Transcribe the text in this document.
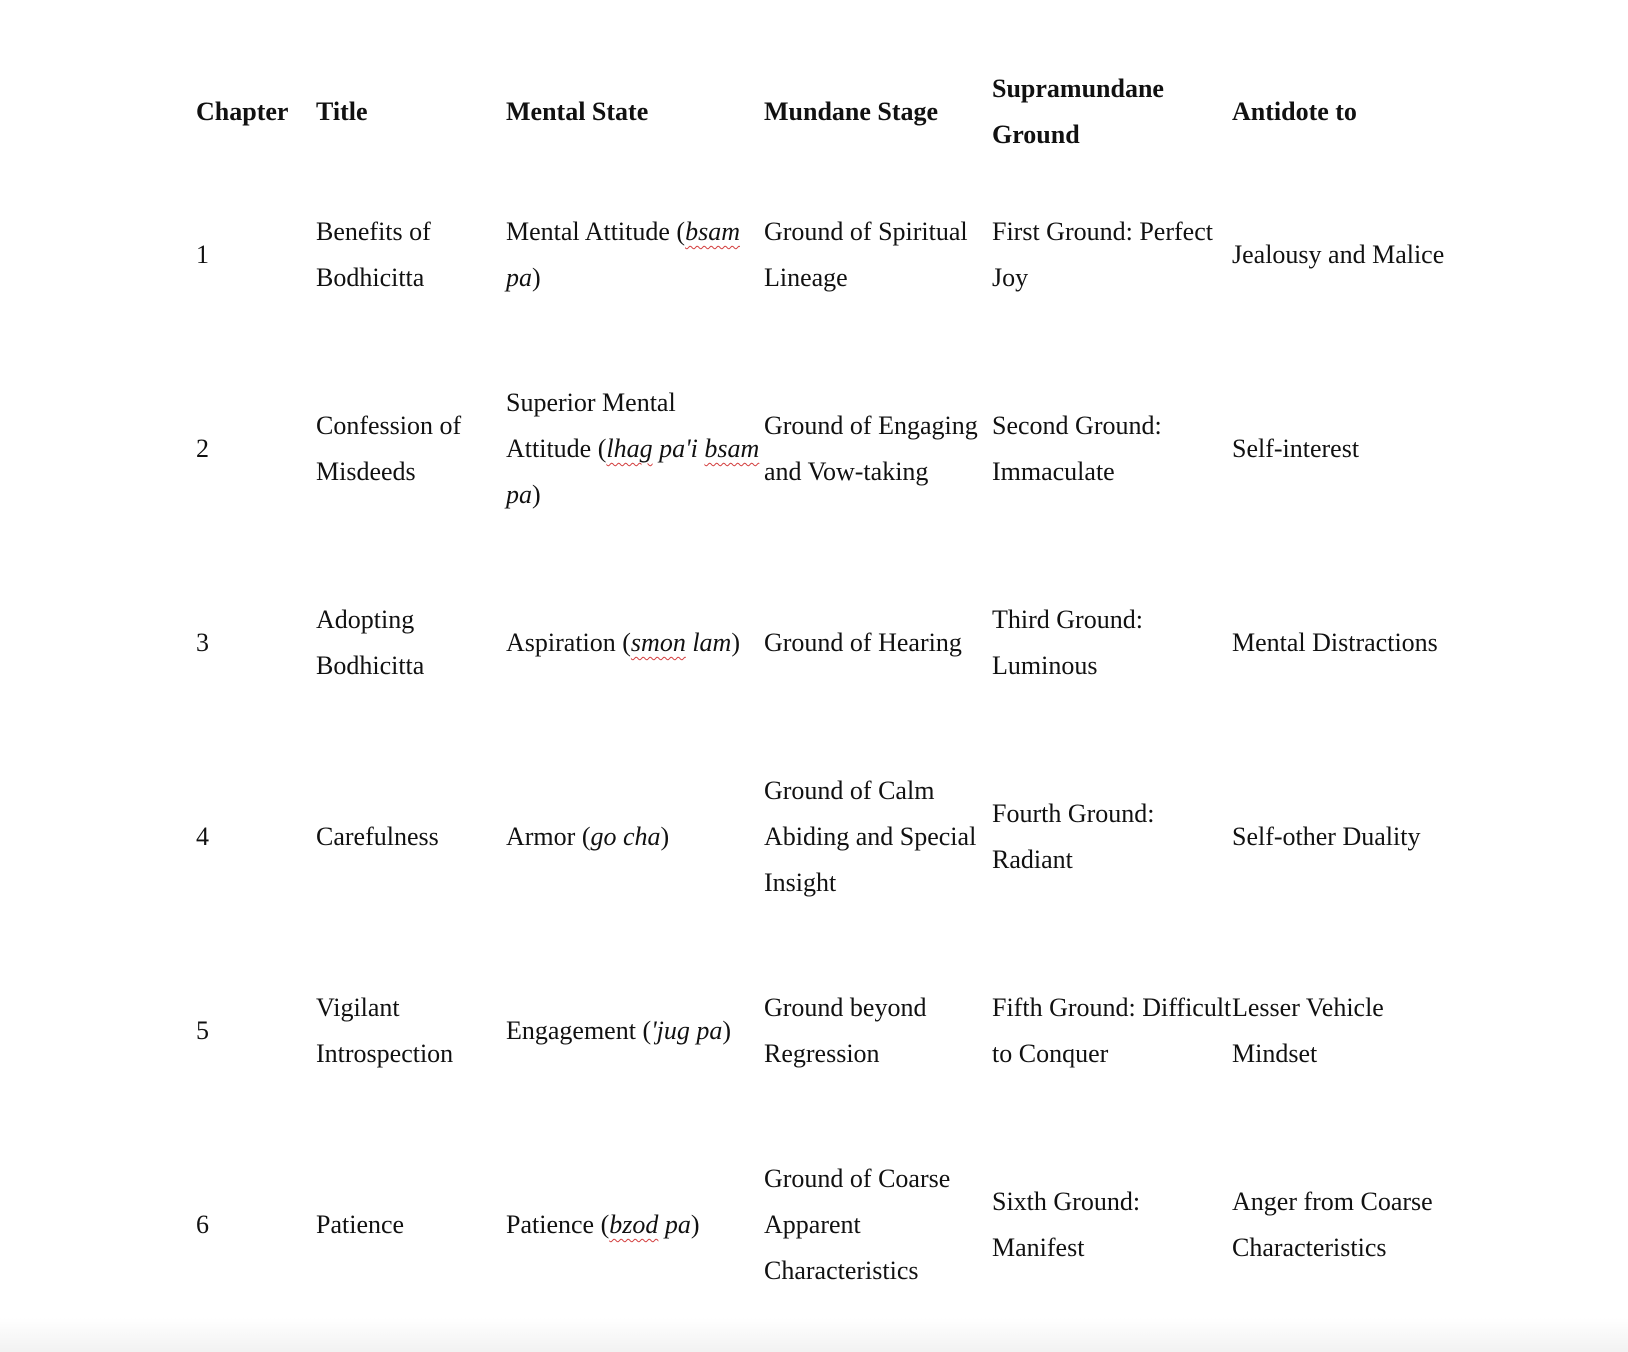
Chapter	Title	Mental State	Mundane Stage	Supramundane Ground	Antidote to
1	Benefits of Bodhicitta	Mental Attitude (bsam pa)	Ground of Spiritual Lineage	First Ground: Perfect Joy	Jealousy and Malice
2	Confession of Misdeeds	Superior Mental Attitude (lhag pa'i bsam pa)	Ground of Engaging and Vow-taking	Second Ground: Immaculate	Self-interest
3	Adopting Bodhicitta	Aspiration (smon lam)	Ground of Hearing	Third Ground: Luminous	Mental Distractions
4	Carefulness	Armor (go cha)	Ground of Calm Abiding and Special Insight	Fourth Ground: Radiant	Self-other Duality
5	Vigilant Introspection	Engagement ('jug pa)	Ground beyond Regression	Fifth Ground: Difficult to Conquer	Lesser Vehicle Mindset
6	Patience	Patience (bzod pa)	Ground of Coarse Apparent Characteristics	Sixth Ground: Manifest	Anger from Coarse Characteristics
